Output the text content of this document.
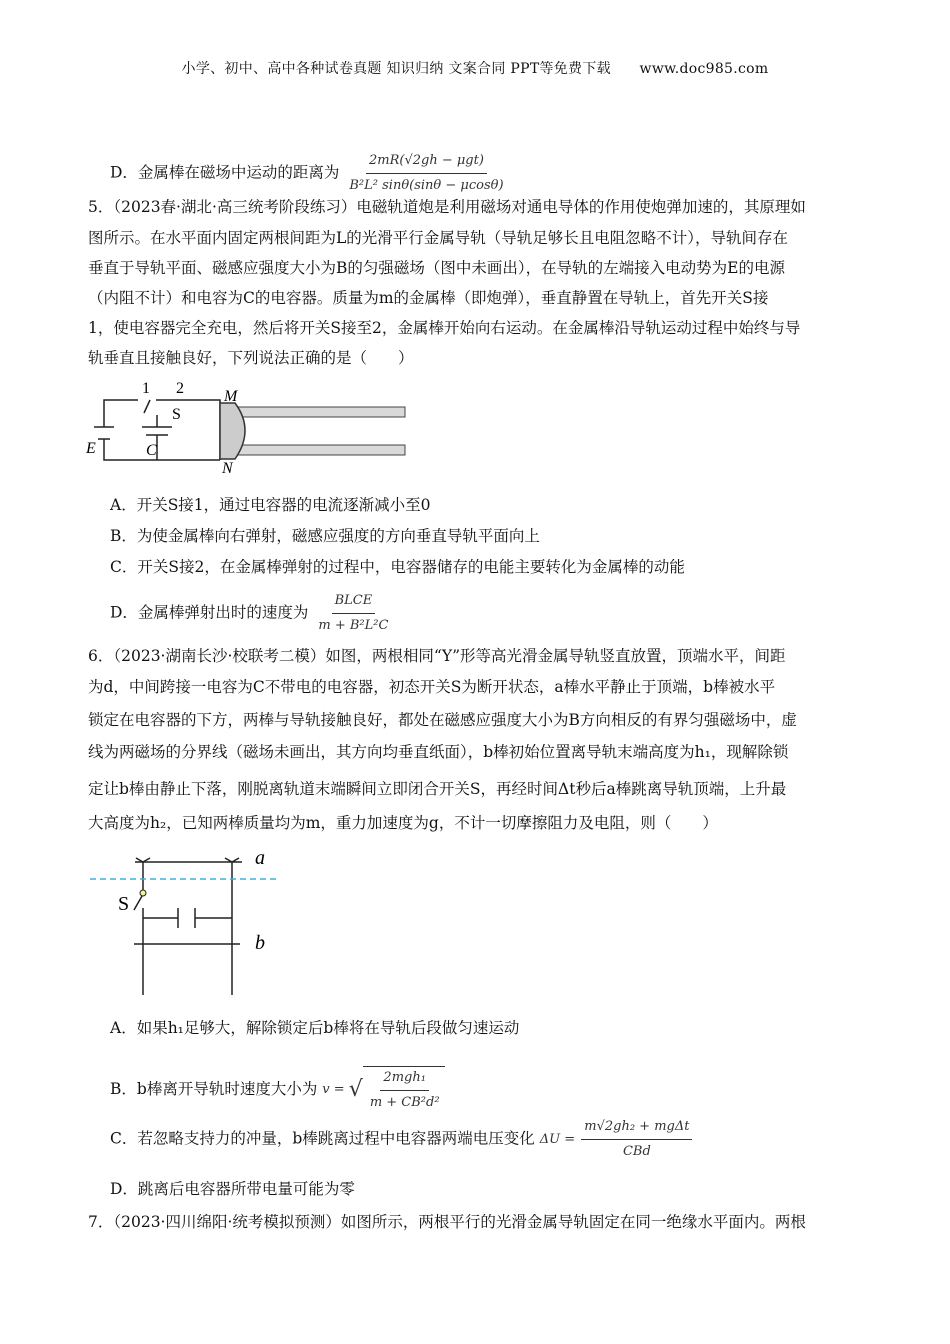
小学、初中、高中各种试卷真题 知识归纳 文案合同 PPT等免费下载　　www.doc985.com
D．金属棒在磁场中运动的距离为 $\frac{\text{2mR(√2gh − μgt)}}{\text{B²L² sinθ(sinθ − μcosθ)}}$
5．（2023春·湖北·高三统考阶段练习）电磁轨道炮是利用磁场对通电导体的作用使炮弹加速的，其原理如
图所示。在水平面内固定两根间距为L的光滑平行金属导轨（导轨足够长且电阻忽略不计），导轨间存在
垂直于导轨平面、磁感应强度大小为B的匀强磁场（图中未画出），在导轨的左端接入电动势为E的电源
（内阻不计）和电容为C的电容器。质量为m的金属棒（即炮弹），垂直静置在导轨上，首先开关S接
1，使电容器完全充电，然后将开关S接至2，金属棒开始向右运动。在金属棒沿导轨运动过程中始终与导
轨垂直且接触良好，下列说法正确的是（　　）
1 2
S
M
N
E	C
A．开关S接1，通过电容器的电流逐渐减小至0
B．为使金属棒向右弹射，磁感应强度的方向垂直导轨平面向上
C．开关S接2，在金属棒弹射的过程中，电容器储存的电能主要转化为金属棒的动能
D．金属棒弹射出时的速度为 $\frac{\text{BLCE}}{\text{m + B²L²C}}$
6．（2023·湖南长沙·校联考二模）如图，两根相同“Y”形等高光滑金属导轨竖直放置，顶端水平，间距
为d，中间跨接一电容为C不带电的电容器，初态开关S为断开状态，a棒水平静止于顶端，b棒被水平
锁定在电容器的下方，两棒与导轨接触良好，都处在磁感应强度大小为B方向相反的有界匀强磁场中，虚
线为两磁场的分界线（磁场未画出，其方向均垂直纸面），b棒初始位置离导轨末端高度为h₁，现解除锁
定让b棒由静止下落，刚脱离轨道末端瞬间立即闭合开关S，再经时间Δt秒后a棒跳离导轨顶端，上升最
大高度为h₂，已知两棒质量均为m，重力加速度为g，不计一切摩擦阻力及电阻，则（　　）
a
b
S
A．如果h₁足够大，解除锁定后b棒将在导轨后段做匀速运动
B．b棒离开导轨时速度大小为 v =
√ $\frac{\text{2mgh₁}}{\text{m + CB²d²}}$
C．若忽略支持力的冲量，b棒跳离过程中电容器两端电压变化 ΔU =
$\frac{\text{m√2gh₂ + mgΔt}}{\text{CBd}}$
D．跳离后电容器所带电量可能为零
7．（2023·四川绵阳·统考模拟预测）如图所示，两根平行的光滑金属导轨固定在同一绝缘水平面内。两根
